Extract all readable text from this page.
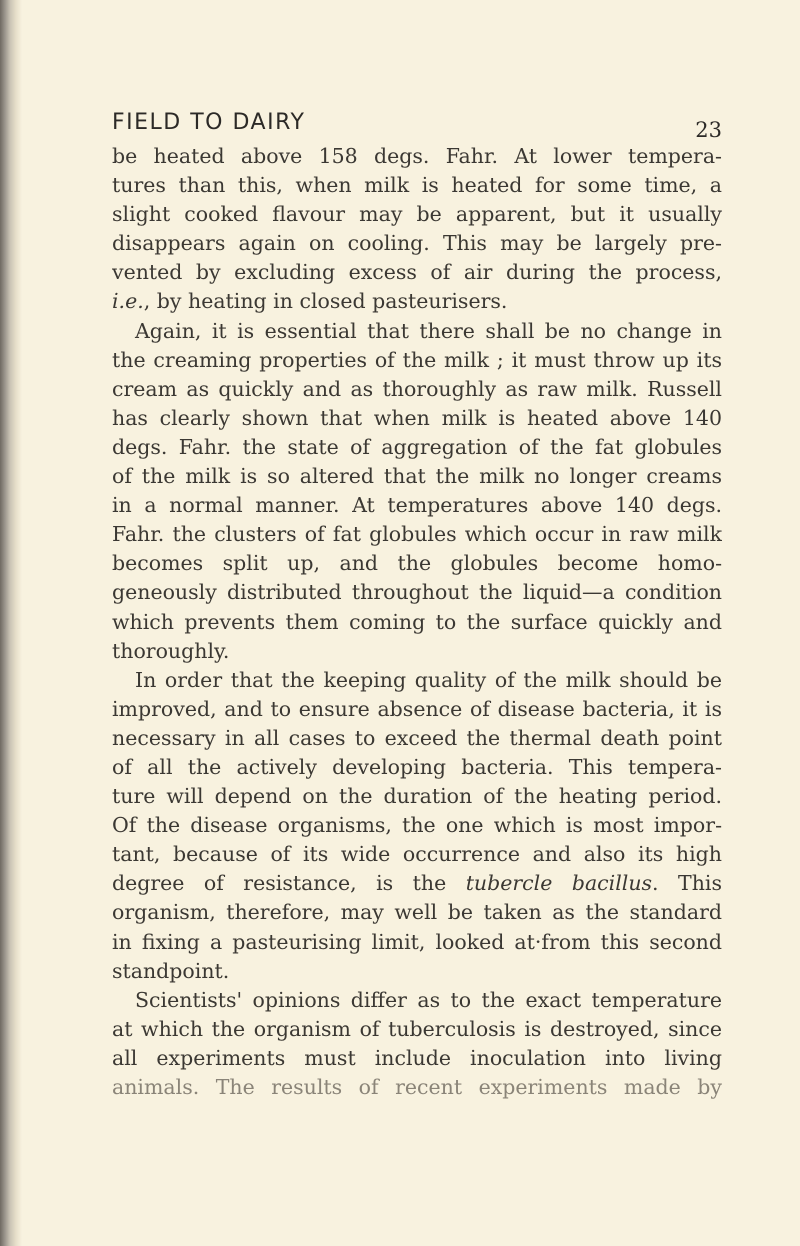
FIELD TO DAIRY	23
be heated above 158 degs. Fahr. At lower tempera-
tures than this, when milk is heated for some time, a
slight cooked flavour may be apparent, but it usually
disappears again on cooling. This may be largely pre-
vented by excluding excess of air during the process,
i.e., by heating in closed pasteurisers.
Again, it is essential that there shall be no change in
the creaming properties of the milk ; it must throw up its
cream as quickly and as thoroughly as raw milk. Russell
has clearly shown that when milk is heated above 140
degs. Fahr. the state of aggregation of the fat globules
of the milk is so altered that the milk no longer creams
in a normal manner. At temperatures above 140 degs.
Fahr. the clusters of fat globules which occur in raw milk
becomes split up, and the globules become homo-
geneously distributed throughout the liquid—a condition
which prevents them coming to the surface quickly and
thoroughly.
In order that the keeping quality of the milk should be
improved, and to ensure absence of disease bacteria, it is
necessary in all cases to exceed the thermal death point
of all the actively developing bacteria. This tempera-
ture will depend on the duration of the heating period.
Of the disease organisms, the one which is most impor-
tant, because of its wide occurrence and also its high
degree of resistance, is the tubercle bacillus. This
organism, therefore, may well be taken as the standard
in fixing a pasteurising limit, looked at·from this second
standpoint.
Scientists' opinions differ as to the exact temperature
at which the organism of tuberculosis is destroyed, since
all experiments must include inoculation into living
animals. The results of recent experiments made by
